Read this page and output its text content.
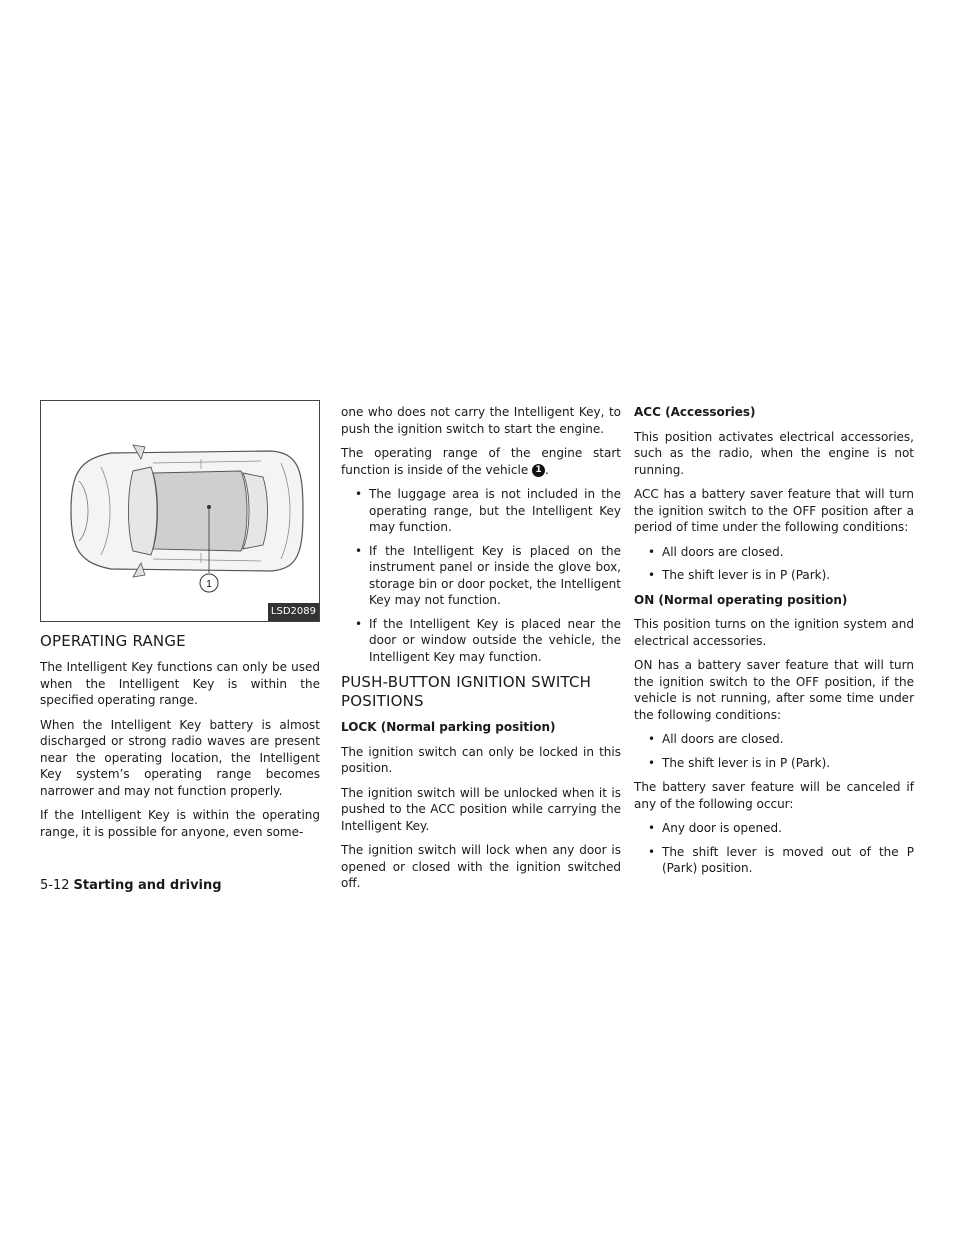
1
LSD2089
OPERATING RANGE

The Intelligent Key functions can only be used when the Intelligent Key is within the specified operating range.

When the Intelligent Key battery is almost discharged or strong radio waves are present near the operating location, the Intelligent Key system’s operating range becomes narrower and may not function properly.

If the Intelligent Key is within the operating range, it is possible for anyone, even some-

one who does not carry the Intelligent Key, to push the ignition switch to start the engine.

The operating range of the engine start function is inside of the vehicle 1 .

• The luggage area is not included in the operating range, but the Intelligent Key may function.
• If the Intelligent Key is placed on the instrument panel or inside the glove box, storage bin or door pocket, the Intelligent Key may not function.
• If the Intelligent Key is placed near the door or window outside the vehicle, the Intelligent Key may function.
PUSH-BUTTON IGNITION SWITCH POSITIONS
LOCK (Normal parking position)

The ignition switch can only be locked in this position.

The ignition switch will be unlocked when it is pushed to the ACC position while carrying the Intelligent Key.

The ignition switch will lock when any door is opened or closed with the ignition switched off.

ACC (Accessories)

This position activates electrical accessories, such as the radio, when the engine is not running.

ACC has a battery saver feature that will turn the ignition switch to the OFF position after a period of time under the following conditions:

• All doors are closed.
• The shift lever is in P (Park).
ON (Normal operating position)

This position turns on the ignition system and electrical accessories.

ON has a battery saver feature that will turn the ignition switch to the OFF position, if the vehicle is not running, after some time under the following conditions:

• All doors are closed.
• The shift lever is in P (Park).

The battery saver feature will be canceled if any of the following occur:

• Any door is opened.
• The shift lever is moved out of the P (Park) position.
5-12 Starting and driving
